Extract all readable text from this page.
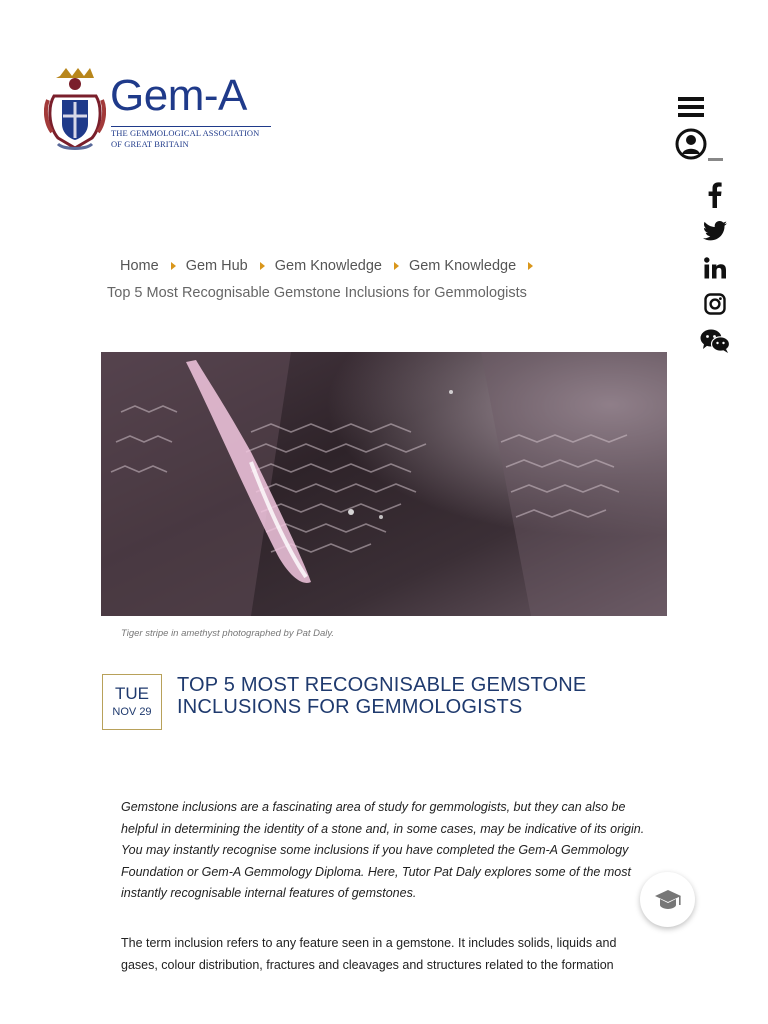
Gem-A
THE GEMMOLOGICAL ASSOCIATION
OF GREAT BRITAIN
Home Gem Hub Gem Knowledge Gem Knowledge
Top 5 Most Recognisable Gemstone Inclusions for Gemmologists
Tiger stripe in amethyst photographed by Pat Daly.
TUE
NOV 29
TOP 5 MOST RECOGNISABLE GEMSTONE INCLUSIONS FOR GEMMOLOGISTS

Gemstone inclusions are a fascinating area of study for gemmologists, but they can also be helpful in determining the identity of a stone and, in some cases, may be indicative of its origin. You may instantly recognise some inclusions if you have completed the Gem-A Gemmology Foundation or Gem-A Gemmology Diploma. Here, Tutor Pat Daly explores some of the most instantly recognisable internal features of gemstones.

The term inclusion refers to any feature seen in a gemstone. It includes solids, liquids and gases, colour distribution, fractures and cleavages and structures related to the formation
